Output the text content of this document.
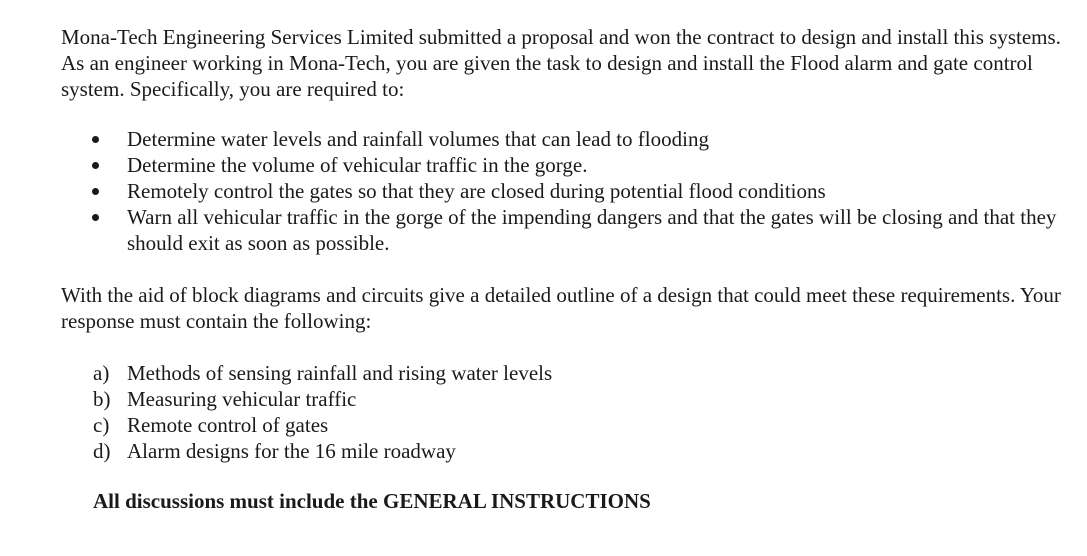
Mona-Tech Engineering Services Limited submitted a proposal and won the contract to design and install this systems. As an engineer working in Mona-Tech, you are given the task to design and install the Flood alarm and gate control system. Specifically, you are required to:

Determine water levels and rainfall volumes that can lead to flooding
Determine the volume of vehicular traffic in the gorge.
Remotely control the gates so that they are closed during potential flood conditions
Warn all vehicular traffic in the gorge of the impending dangers and that the gates will be closing and that they should exit as soon as possible.

With the aid of block diagrams and circuits give a detailed outline of a design that could meet these requirements. Your response must contain the following:

a) Methods of sensing rainfall and rising water levels
b) Measuring vehicular traffic
c) Remote control of gates
d) Alarm designs for the 16 mile roadway

All discussions must include the GENERAL INSTRUCTIONS
